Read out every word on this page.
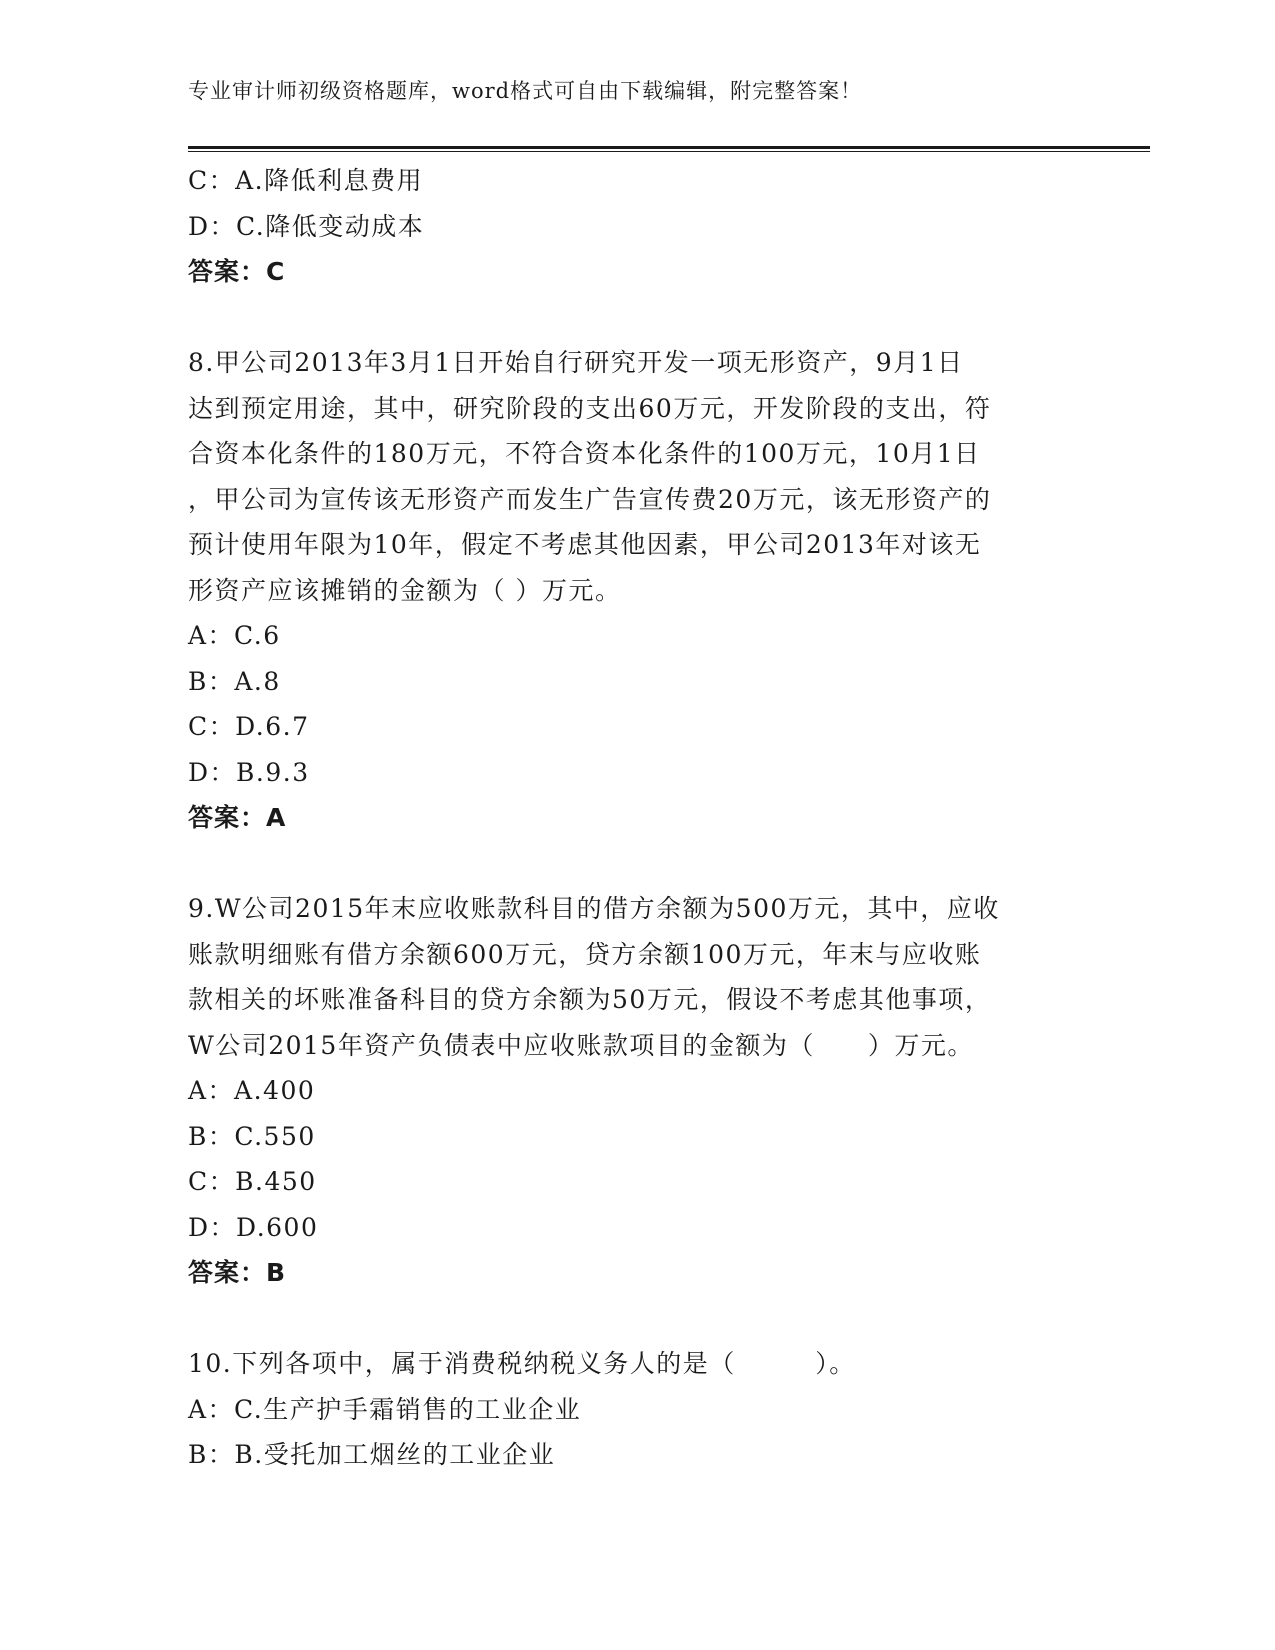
专业审计师初级资格题库，word格式可自由下载编辑，附完整答案！
C：A.降低利息费用
D：C.降低变动成本
答案：C
8.甲公司2013年3月1日开始自行研究开发一项无形资产，9月1日
达到预定用途，其中，研究阶段的支出60万元，开发阶段的支出，符
合资本化条件的180万元，不符合资本化条件的100万元，10月1日
，甲公司为宣传该无形资产而发生广告宣传费20万元，该无形资产的
预计使用年限为10年，假定不考虑其他因素，甲公司2013年对该无
形资产应该摊销的金额为（ ）万元。
A：C.6
B：A.8
C：D.6.7
D：B.9.3
答案：A
9.W公司2015年末应收账款科目的借方余额为500万元，其中，应收
账款明细账有借方余额600万元，贷方余额100万元，年末与应收账
款相关的坏账准备科目的贷方余额为50万元，假设不考虑其他事项，
W公司2015年资产负债表中应收账款项目的金额为（　　）万元。
A：A.400
B：C.550
C：B.450
D：D.600
答案：B
10.下列各项中，属于消费税纳税义务人的是（　　　）。
A：C.生产护手霜销售的工业企业
B：B.受托加工烟丝的工业企业
